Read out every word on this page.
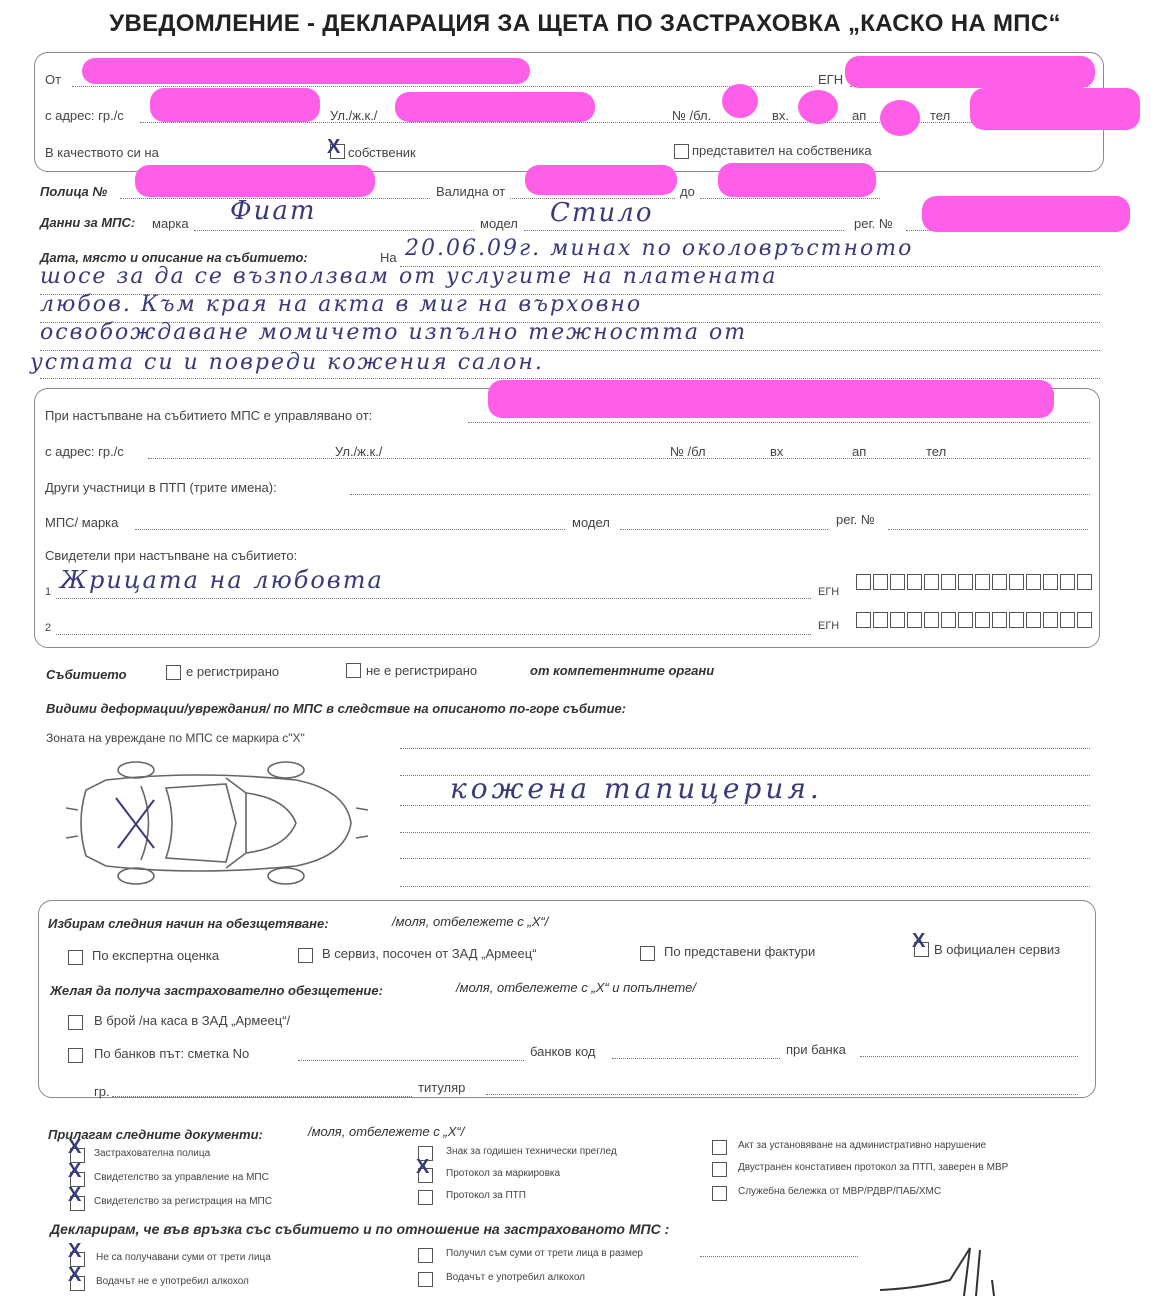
УВЕДОМЛЕНИЕ - ДЕКЛАРАЦИЯ ЗА ЩЕТА ПО ЗАСТРАХОВКА „КАСКО НА МПС“
От	ЕГН
с адрес: гр./с	Ул./ж.к./	№ /бл.	вх.	ап	тел
В качеството си на	X собственик	представител на собственика
Полица №	Валидна от	до
Данни за МПС: марка Фиат	модел Стило	рег. №
Дата, място и описание на събитието:	На 20.06.09г. минах по околовръстното
шосе за да се възползвам от услугите на платената
любов. Към края на акта в миг на върховно
освобождаване момичето изпълно тежността от
устата си и повреди кожения салон.
При настъпване на събитието МПС е управлявано от:
с адрес: гр./с	Ул./ж.к./	№ /бл	вх	ап	тел
Други участници в ПТП (трите имена):
МПС/ марка	модел	рег. №
Свидетели при настъпване на събитието:
1 Жрицата на любовта	ЕГН
2	ЕГН
Събитието	е регистрирано	не е регистрирано	от компетентните органи
Видими деформации/увреждания/ по МПС в следствие на описаното по-горе събитие:
Зоната на увреждане по МПС се маркира с"X"
кожена тапицерия.
Избирам следния начин на обезщетяване:	/моля, отбележете с „X“/
По експертна оценка	В сервиз, посочен от ЗАД „Армеец“	По представени фактури	X В официален сервиз
Желая да получа застрахователно обезщетение:	/моля, отбележете с „X“ и попълнете/
В брой /на каса в ЗАД „Армеец“/
По банков път: сметка No	банков код	при банка
гр.	титуляр
Прилагам следните документи:	/моля, отбележете с „X“/
X Застрахователна полица
X Свидетелство за управление на МПС
X Свидетелство за регистрация на МПС
Знак за годишен технически преглед
X Протокол за маркировка
Протокол за ПТП
Акт за установяване на административно нарушение
Двустранен констативен протокол за ПТП, заверен в МВР
Служебна бележка от МВР/РДВР/ПАБ/ХМС
Декларирам, че във връзка със събитието и по отношение на застрахованото МПС :
X Не са получавани суми от трети лица
X Водачът не е употребил алкохол
Получил съм суми от трети лица в размер
Водачът е употребил алкохол
